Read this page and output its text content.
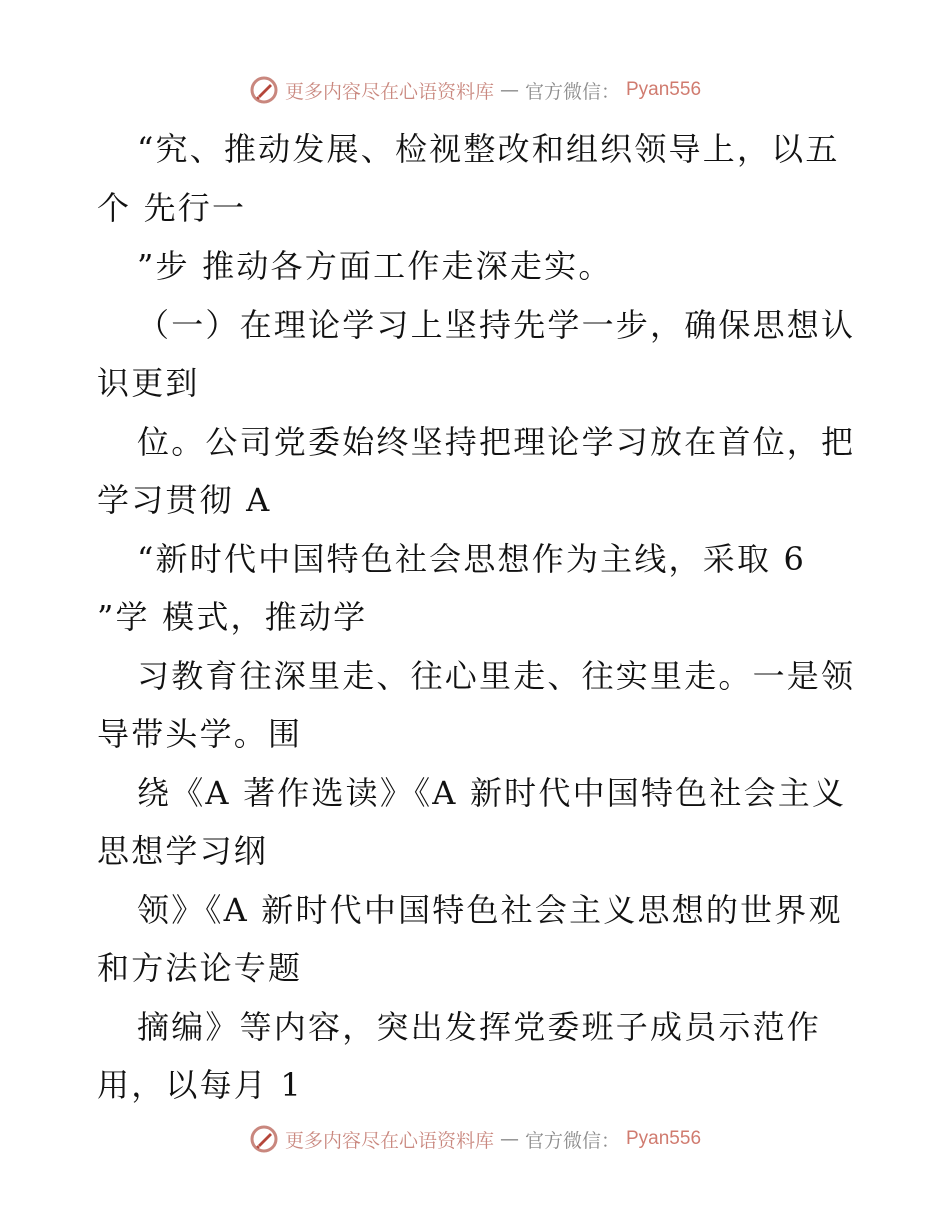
更多内容尽在心语资料库 — 官方微信： Pyan556
“究、推动发展、检视整改和组织领导上，以五
个 先行一
”步 推动各方面工作走深走实。
（一）在理论学习上坚持先学一步，确保思想认
识更到
位。公司党委始终坚持把理论学习放在首位，把
学习贯彻 A
“新时代中国特色社会思想作为主线，采取 6
”学 模式，推动学
习教育往深里走、往心里走、往实里走。一是领
导带头学。围
绕《A 著作选读》《A 新时代中国特色社会主义
思想学习纲
领》《A 新时代中国特色社会主义思想的世界观
和方法论专题
摘编》等内容，突出发挥党委班子成员示范作
用，以每月 1
更多内容尽在心语资料库 — 官方微信： Pyan556
